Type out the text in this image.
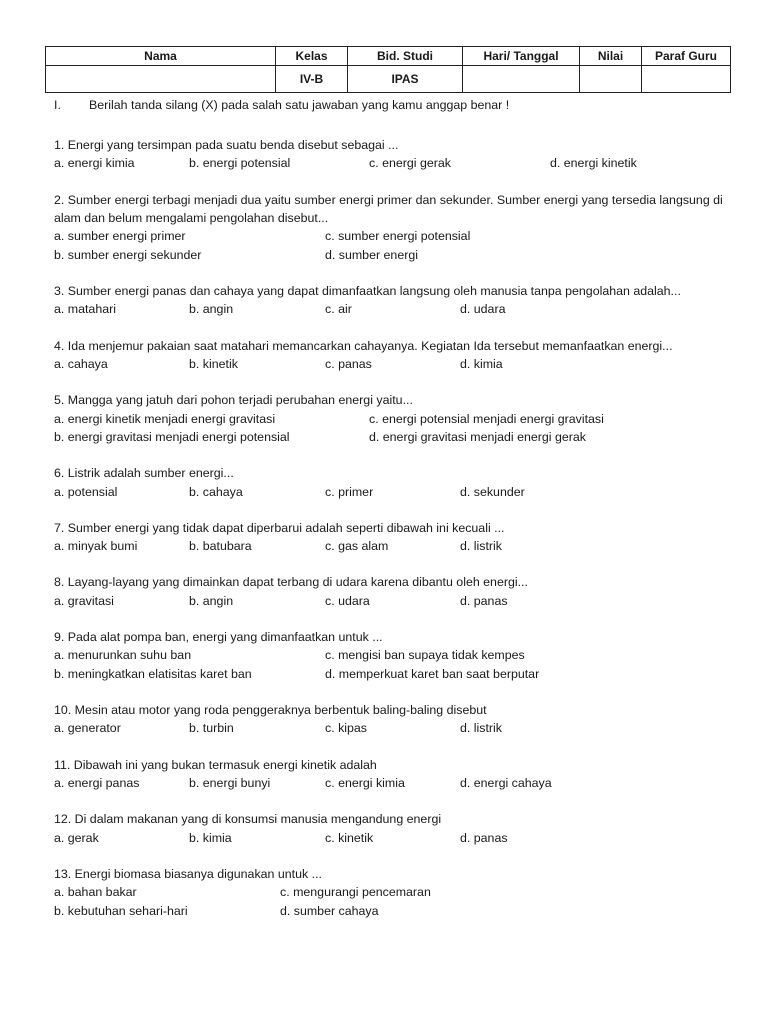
Nama	Kelas	Bid. Studi	Hari/ Tanggal	Nilai	Paraf Guru
	IV-B	IPAS			
I. Berilah tanda silang (X) pada salah satu jawaban yang kamu anggap benar !
1. Energi yang tersimpan pada suatu benda disebut sebagai ...
a. energi kimia	b. energi potensial	c. energi gerak	d. energi kinetik
2. Sumber energi terbagi menjadi dua yaitu sumber energi primer dan sekunder. Sumber energi yang tersedia langsung di alam dan belum mengalami pengolahan disebut...
a. sumber energi primer	c. sumber energi potensial
b. sumber energi sekunder	d. sumber energi
3. Sumber energi panas dan cahaya yang dapat dimanfaatkan langsung oleh manusia tanpa pengolahan adalah...
a. matahari	b. angin	c. air	d. udara
4. Ida menjemur pakaian saat matahari memancarkan cahayanya. Kegiatan Ida tersebut memanfaatkan energi...
a. cahaya	b. kinetik	c. panas	d. kimia
5. Mangga yang jatuh dari pohon terjadi perubahan energi yaitu...
a. energi kinetik menjadi energi gravitasi	c. energi potensial menjadi energi gravitasi
b. energi gravitasi menjadi energi potensial	d. energi gravitasi menjadi energi gerak
6. Listrik adalah sumber energi...
a. potensial	b. cahaya	c. primer	d. sekunder
7. Sumber energi yang tidak dapat diperbarui adalah seperti dibawah ini kecuali ...
a. minyak bumi	b. batubara	c. gas alam	d. listrik
8. Layang-layang yang dimainkan dapat terbang di udara karena dibantu oleh energi...
a. gravitasi	b. angin	c. udara	d. panas
9. Pada alat pompa ban, energi yang dimanfaatkan untuk ...
a. menurunkan suhu ban	c. mengisi ban supaya tidak kempes
b. meningkatkan elatisitas karet ban	d. memperkuat karet ban saat berputar
10. Mesin atau motor yang roda penggeraknya berbentuk baling-baling disebut
a. generator	b. turbin	c. kipas	d. listrik
11. Dibawah ini yang bukan termasuk energi kinetik adalah
a. energi panas	b. energi bunyi	c. energi kimia	d. energi cahaya
12. Di dalam makanan yang di konsumsi manusia mengandung energi
a. gerak	b. kimia	c. kinetik	d. panas
13. Energi biomasa biasanya digunakan untuk ...
a. bahan bakar	c. mengurangi pencemaran
b. kebutuhan sehari-hari	d. sumber cahaya
